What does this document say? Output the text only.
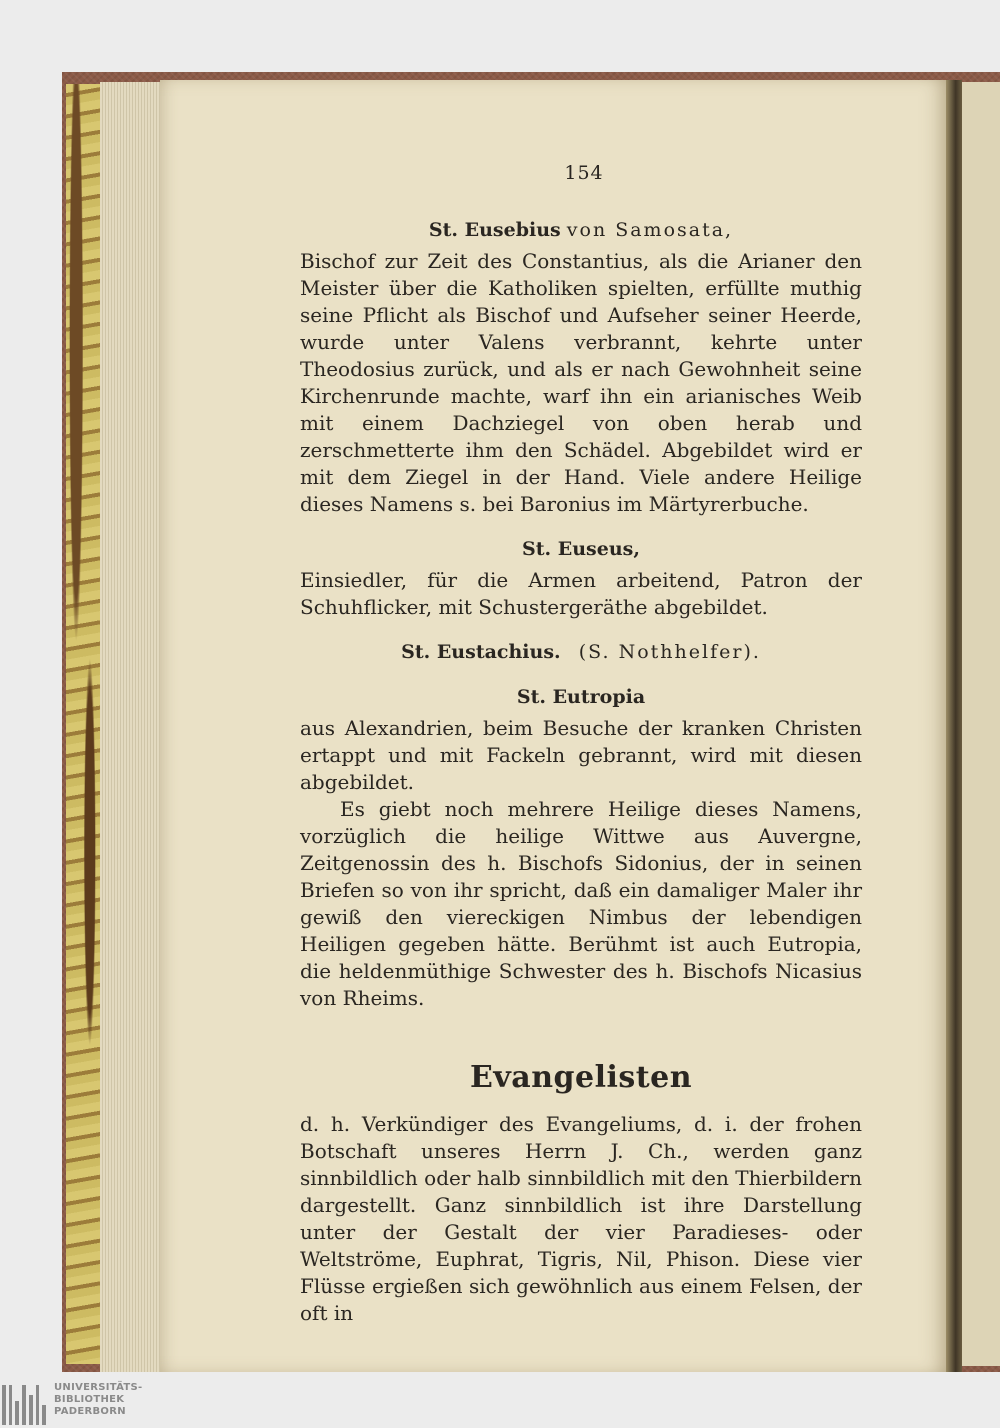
154
St. Eusebius von Samosata,

Bischof zur Zeit des Constantius, als die Arianer den Meister über die Katholiken spielten, erfüllte muthig seine Pflicht als Bischof und Aufseher seiner Heerde, wurde unter Valens verbrannt, kehrte unter Theodosius zurück, und als er nach Gewohnheit seine Kirchenrunde machte, warf ihn ein arianisches Weib mit einem Dachziegel von oben herab und zerschmetterte ihm den Schädel. Abgebildet wird er mit dem Ziegel in der Hand. Viele andere Heilige dieses Namens s. bei Baronius im Märtyrerbuche.

St. Euseus,

Einsiedler, für die Armen arbeitend, Patron der Schuhflicker, mit Schustergeräthe abgebildet.

St. Eustachius. (S. Nothhelfer).
St. Eutropia

aus Alexandrien, beim Besuche der kranken Christen ertappt und mit Fackeln gebrannt, wird mit diesen abgebildet.

Es giebt noch mehrere Heilige dieses Namens, vorzüglich die heilige Wittwe aus Auvergne, Zeitgenossin des h. Bischofs Sidonius, der in seinen Briefen so von ihr spricht, daß ein damaliger Maler ihr gewiß den viereckigen Nimbus der lebendigen Heiligen gegeben hätte. Berühmt ist auch Eutropia, die heldenmüthige Schwester des h. Bischofs Nicasius von Rheims.

Evangelisten

d. h. Verkündiger des Evangeliums, d. i. der frohen Botschaft unseres Herrn J. Ch., werden ganz sinnbildlich oder halb sinnbildlich mit den Thierbildern dargestellt. Ganz sinnbildlich ist ihre Darstellung unter der Gestalt der vier Paradieses- oder Weltströme, Euphrat, Tigris, Nil, Phison. Diese vier Flüsse ergießen sich gewöhnlich aus einem Felsen, der oft in

UNIVERSITÄTS-
BIBLIOTHEK
PADERBORN
